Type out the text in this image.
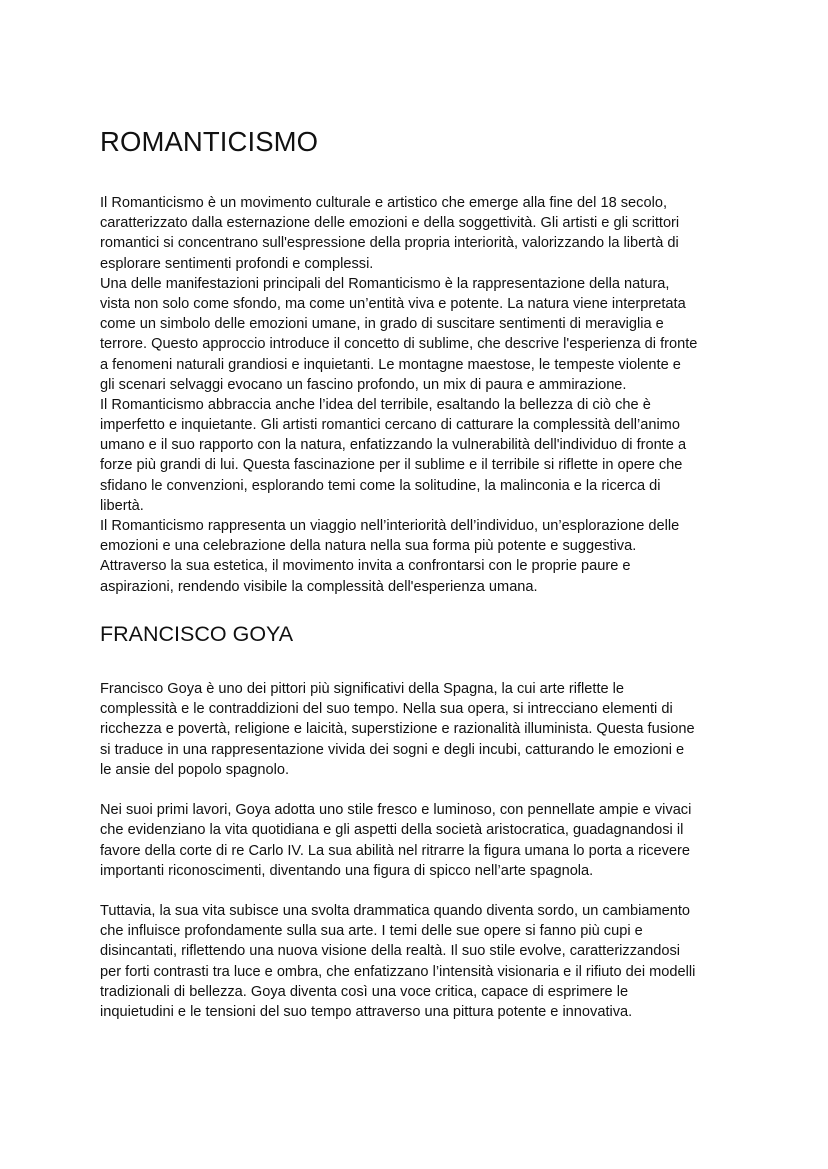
ROMANTICISMO
Il Romanticismo è un movimento culturale e artistico che emerge alla fine del 18 secolo,
caratterizzato dalla esternazione delle emozioni e della soggettività. Gli artisti e gli scrittori
romantici si concentrano sull'espressione della propria interiorità, valorizzando la libertà di
esplorare sentimenti profondi e complessi.
Una delle manifestazioni principali del Romanticismo è la rappresentazione della natura,
vista non solo come sfondo, ma come un’entità viva e potente. La natura viene interpretata
come un simbolo delle emozioni umane, in grado di suscitare sentimenti di meraviglia e
terrore. Questo approccio introduce il concetto di sublime, che descrive l'esperienza di fronte
a fenomeni naturali grandiosi e inquietanti. Le montagne maestose, le tempeste violente e
gli scenari selvaggi evocano un fascino profondo, un mix di paura e ammirazione.
Il Romanticismo abbraccia anche l’idea del terribile, esaltando la bellezza di ciò che è
imperfetto e inquietante. Gli artisti romantici cercano di catturare la complessità dell’animo
umano e il suo rapporto con la natura, enfatizzando la vulnerabilità dell'individuo di fronte a
forze più grandi di lui. Questa fascinazione per il sublime e il terribile si riflette in opere che
sfidano le convenzioni, esplorando temi come la solitudine, la malinconia e la ricerca di
libertà.
Il Romanticismo rappresenta un viaggio nell’interiorità dell’individuo, un’esplorazione delle
emozioni e una celebrazione della natura nella sua forma più potente e suggestiva.
Attraverso la sua estetica, il movimento invita a confrontarsi con le proprie paure e
aspirazioni, rendendo visibile la complessità dell'esperienza umana.
FRANCISCO GOYA
Francisco Goya è uno dei pittori più significativi della Spagna, la cui arte riflette le
complessità e le contraddizioni del suo tempo. Nella sua opera, si intrecciano elementi di
ricchezza e povertà, religione e laicità, superstizione e razionalità illuminista. Questa fusione
si traduce in una rappresentazione vivida dei sogni e degli incubi, catturando le emozioni e
le ansie del popolo spagnolo.
Nei suoi primi lavori, Goya adotta uno stile fresco e luminoso, con pennellate ampie e vivaci
che evidenziano la vita quotidiana e gli aspetti della società aristocratica, guadagnandosi il
favore della corte di re Carlo IV. La sua abilità nel ritrarre la figura umana lo porta a ricevere
importanti riconoscimenti, diventando una figura di spicco nell’arte spagnola.
Tuttavia, la sua vita subisce una svolta drammatica quando diventa sordo, un cambiamento
che influisce profondamente sulla sua arte. I temi delle sue opere si fanno più cupi e
disincantati, riflettendo una nuova visione della realtà. Il suo stile evolve, caratterizzandosi
per forti contrasti tra luce e ombra, che enfatizzano l’intensità visionaria e il rifiuto dei modelli
tradizionali di bellezza. Goya diventa così una voce critica, capace di esprimere le
inquietudini e le tensioni del suo tempo attraverso una pittura potente e innovativa.
